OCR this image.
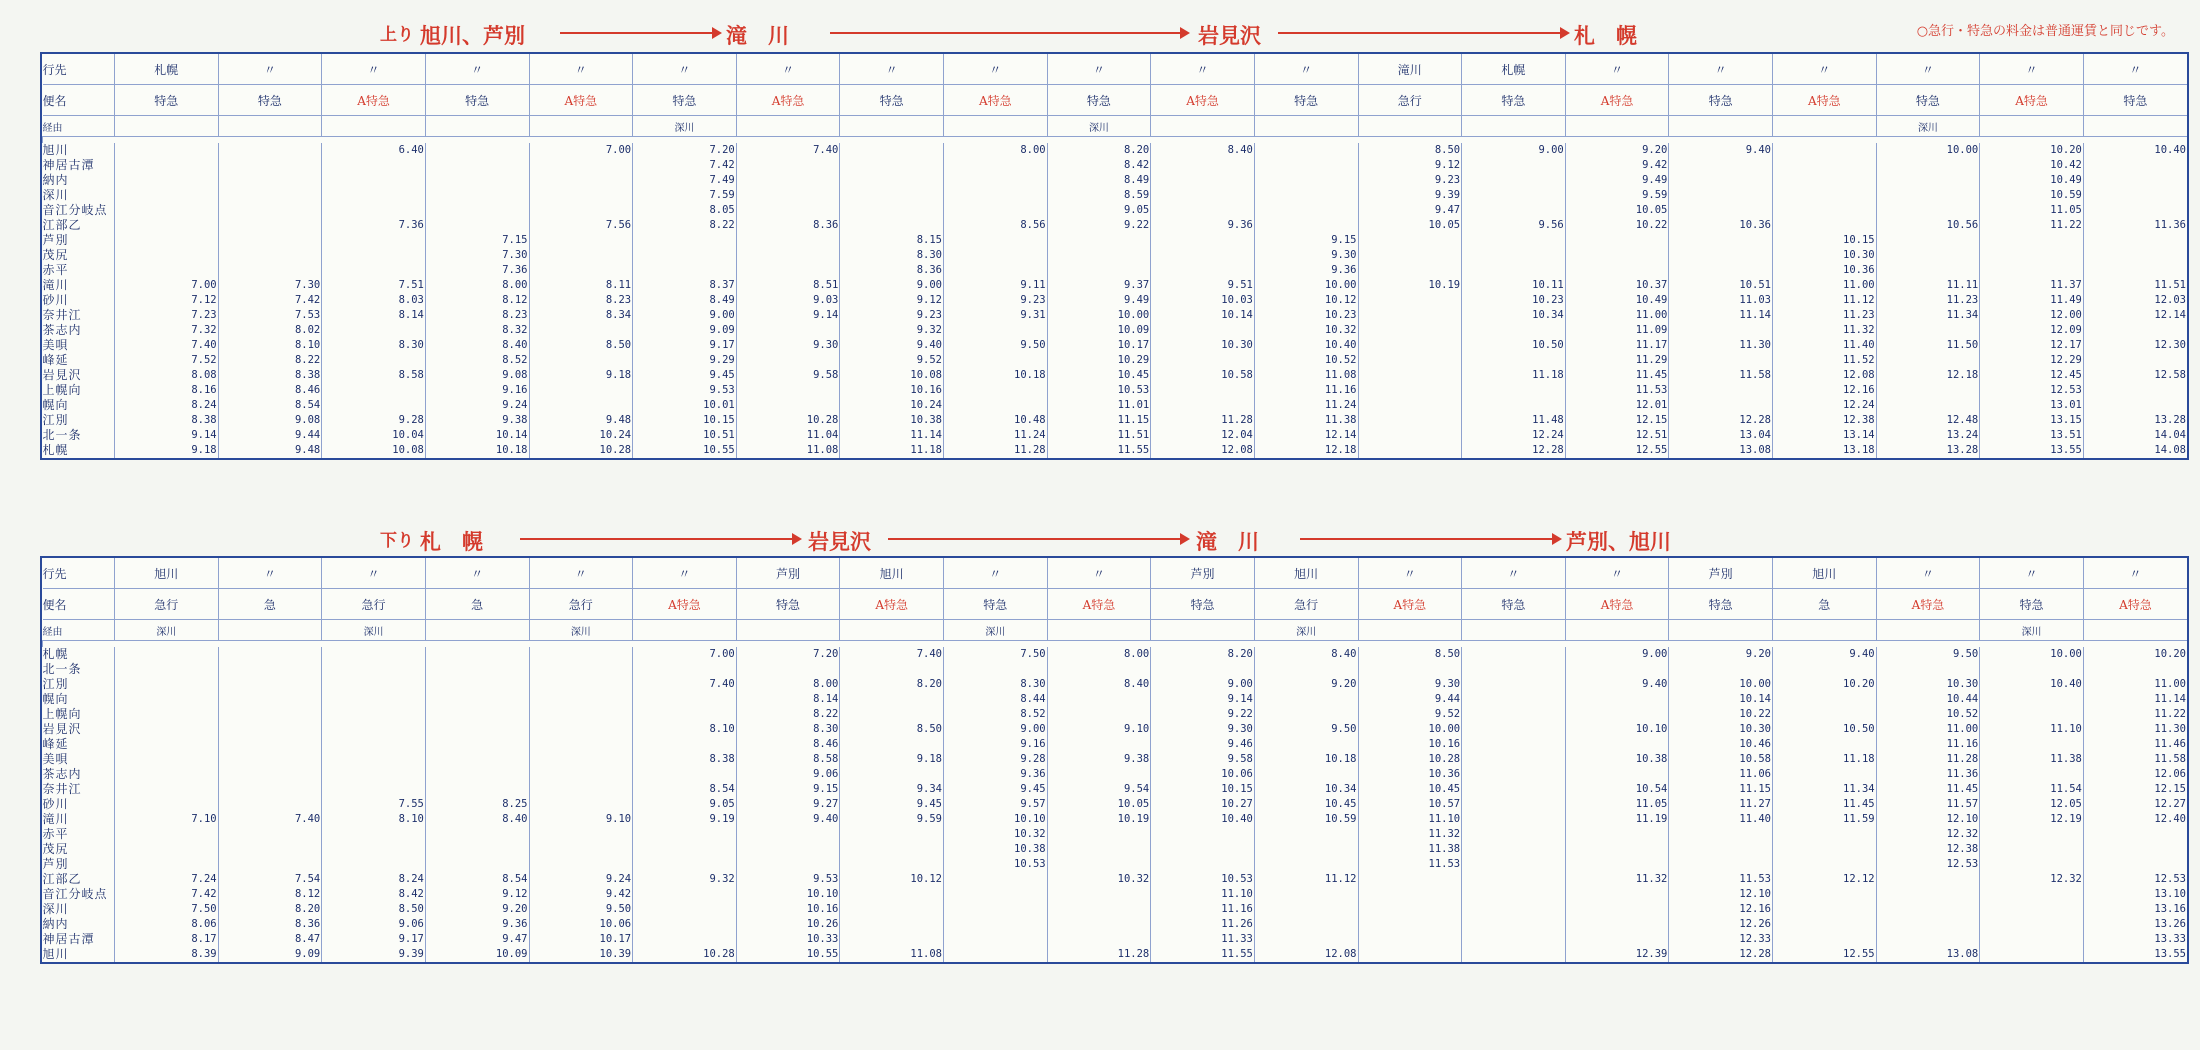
○急行・特急の料金は普通運賃と同じです。
上り 旭川、芦別	滝　川	岩見沢	札　幌
行先	札幌	〃	〃	〃	〃	〃	〃	〃	〃	〃	〃	〃	滝川	札幌	〃	〃	〃	〃	〃	〃
便名	特急	特急	A特急	特急	A特急	特急	A特急	特急	A特急	特急	A特急	特急	急行	特急	A特急	特急	A特急	特急	A特急	特急
経由						深川				深川								深川		

旭川			6.40		7.00	7.20	7.40		8.00	8.20	8.40		8.50	9.00	9.20	9.40		10.00	10.20	10.40
神居古潭						7.42				8.42			9.12		9.42				10.42	
納内						7.49				8.49			9.23		9.49				10.49	
深川						7.59				8.59			9.39		9.59				10.59	
音江分岐点						8.05				9.05			9.47		10.05				11.05	
江部乙			7.36		7.56	8.22	8.36		8.56	9.22	9.36		10.05	9.56	10.22	10.36		10.56	11.22	11.36
芦別				7.15				8.15				9.15					10.15			
茂尻				7.30				8.30				9.30					10.30			
赤平				7.36				8.36				9.36					10.36			
滝川	7.00	7.30	7.51	8.00	8.11	8.37	8.51	9.00	9.11	9.37	9.51	10.00	10.19	10.11	10.37	10.51	11.00	11.11	11.37	11.51
砂川	7.12	7.42	8.03	8.12	8.23	8.49	9.03	9.12	9.23	9.49	10.03	10.12		10.23	10.49	11.03	11.12	11.23	11.49	12.03
奈井江	7.23	7.53	8.14	8.23	8.34	9.00	9.14	9.23	9.31	10.00	10.14	10.23		10.34	11.00	11.14	11.23	11.34	12.00	12.14
茶志内	7.32	8.02		8.32		9.09		9.32		10.09		10.32			11.09		11.32		12.09	
美唄	7.40	8.10	8.30	8.40	8.50	9.17	9.30	9.40	9.50	10.17	10.30	10.40		10.50	11.17	11.30	11.40	11.50	12.17	12.30
峰延	7.52	8.22		8.52		9.29		9.52		10.29		10.52			11.29		11.52		12.29	
岩見沢	8.08	8.38	8.58	9.08	9.18	9.45	9.58	10.08	10.18	10.45	10.58	11.08		11.18	11.45	11.58	12.08	12.18	12.45	12.58
上幌向	8.16	8.46		9.16		9.53		10.16		10.53		11.16			11.53		12.16		12.53	
幌向	8.24	8.54		9.24		10.01		10.24		11.01		11.24			12.01		12.24		13.01	
江別	8.38	9.08	9.28	9.38	9.48	10.15	10.28	10.38	10.48	11.15	11.28	11.38		11.48	12.15	12.28	12.38	12.48	13.15	13.28
北一条	9.14	9.44	10.04	10.14	10.24	10.51	11.04	11.14	11.24	11.51	12.04	12.14		12.24	12.51	13.04	13.14	13.24	13.51	14.04
札幌	9.18	9.48	10.08	10.18	10.28	10.55	11.08	11.18	11.28	11.55	12.08	12.18		12.28	12.55	13.08	13.18	13.28	13.55	14.08
下り 札　幌	岩見沢	滝　川	芦別、旭川
行先	旭川	〃	〃	〃	〃	〃	芦別	旭川	〃	〃	芦別	旭川	〃	〃	〃	芦別	旭川	〃	〃	〃
便名	急行	急	急行	急	急行	A特急	特急	A特急	特急	A特急	特急	急行	A特急	特急	A特急	特急	急	A特急	特急	A特急
経由	深川		深川		深川				深川			深川							深川	

札幌						7.00	7.20	7.40	7.50	8.00	8.20	8.40	8.50		9.00	9.20	9.40	9.50	10.00	10.20
北一条																				
江別						7.40	8.00	8.20	8.30	8.40	9.00	9.20	9.30		9.40	10.00	10.20	10.30	10.40	11.00
幌向							8.14		8.44		9.14		9.44			10.14		10.44		11.14
上幌向							8.22		8.52		9.22		9.52			10.22		10.52		11.22
岩見沢						8.10	8.30	8.50	9.00	9.10	9.30	9.50	10.00		10.10	10.30	10.50	11.00	11.10	11.30
峰延							8.46		9.16		9.46		10.16			10.46		11.16		11.46
美唄						8.38	8.58	9.18	9.28	9.38	9.58	10.18	10.28		10.38	10.58	11.18	11.28	11.38	11.58
茶志内							9.06		9.36		10.06		10.36			11.06		11.36		12.06
奈井江						8.54	9.15	9.34	9.45	9.54	10.15	10.34	10.45		10.54	11.15	11.34	11.45	11.54	12.15
砂川			7.55	8.25		9.05	9.27	9.45	9.57	10.05	10.27	10.45	10.57		11.05	11.27	11.45	11.57	12.05	12.27
滝川	7.10	7.40	8.10	8.40	9.10	9.19	9.40	9.59	10.10	10.19	10.40	10.59	11.10		11.19	11.40	11.59	12.10	12.19	12.40
赤平									10.32				11.32					12.32		
茂尻									10.38				11.38					12.38		
芦別									10.53				11.53					12.53		
江部乙	7.24	7.54	8.24	8.54	9.24	9.32	9.53	10.12		10.32	10.53	11.12			11.32	11.53	12.12		12.32	12.53
音江分岐点	7.42	8.12	8.42	9.12	9.42		10.10				11.10					12.10				13.10
深川	7.50	8.20	8.50	9.20	9.50		10.16				11.16					12.16				13.16
納内	8.06	8.36	9.06	9.36	10.06		10.26				11.26					12.26				13.26
神居古潭	8.17	8.47	9.17	9.47	10.17		10.33				11.33					12.33				13.33
旭川	8.39	9.09	9.39	10.09	10.39	10.28	10.55	11.08		11.28	11.55	12.08			12.39	12.28	12.55	13.08		13.55
